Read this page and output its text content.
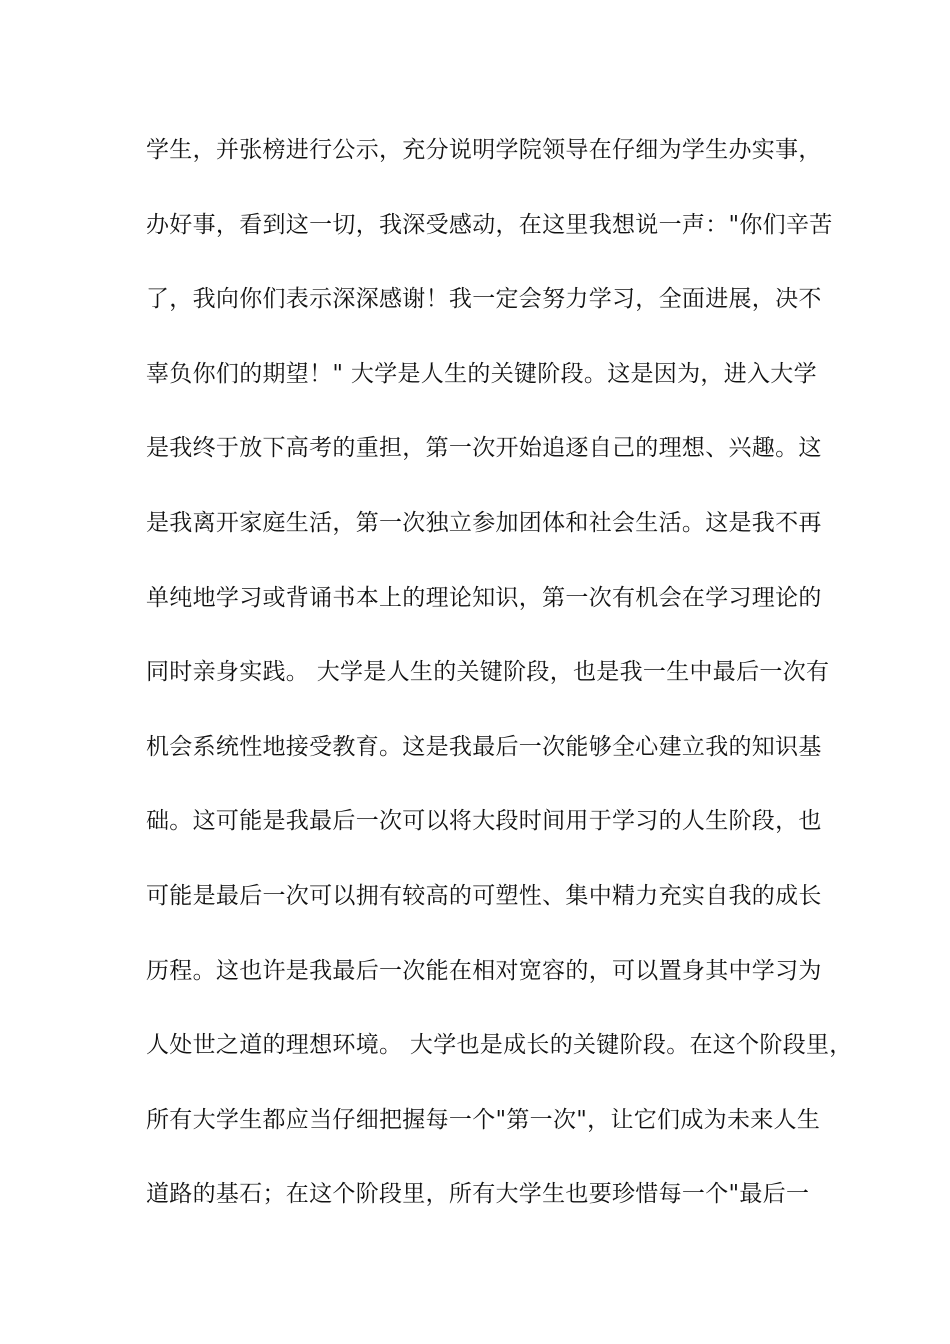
学生，并张榜进行公示，充分说明学院领导在仔细为学生办实事，
办好事，看到这一切，我深受感动，在这里我想说一声："你们辛苦
了，我向你们表示深深感谢！我一定会努力学习，全面进展，决不
辜负你们的期望！" 大学是人生的关键阶段。这是因为，进入大学
是我终于放下高考的重担，第一次开始追逐自己的理想、兴趣。这
是我离开家庭生活，第一次独立参加团体和社会生活。这是我不再
单纯地学习或背诵书本上的理论知识，第一次有机会在学习理论的
同时亲身实践。 大学是人生的关键阶段，也是我一生中最后一次有
机会系统性地接受教育。这是我最后一次能够全心建立我的知识基
础。这可能是我最后一次可以将大段时间用于学习的人生阶段，也
可能是最后一次可以拥有较高的可塑性、集中精力充实自我的成长
历程。这也许是我最后一次能在相对宽容的，可以置身其中学习为
人处世之道的理想环境。 大学也是成长的关键阶段。在这个阶段里，
所有大学生都应当仔细把握每一个"第一次"，让它们成为未来人生
道路的基石；在这个阶段里，所有大学生也要珍惜每一个"最后一
